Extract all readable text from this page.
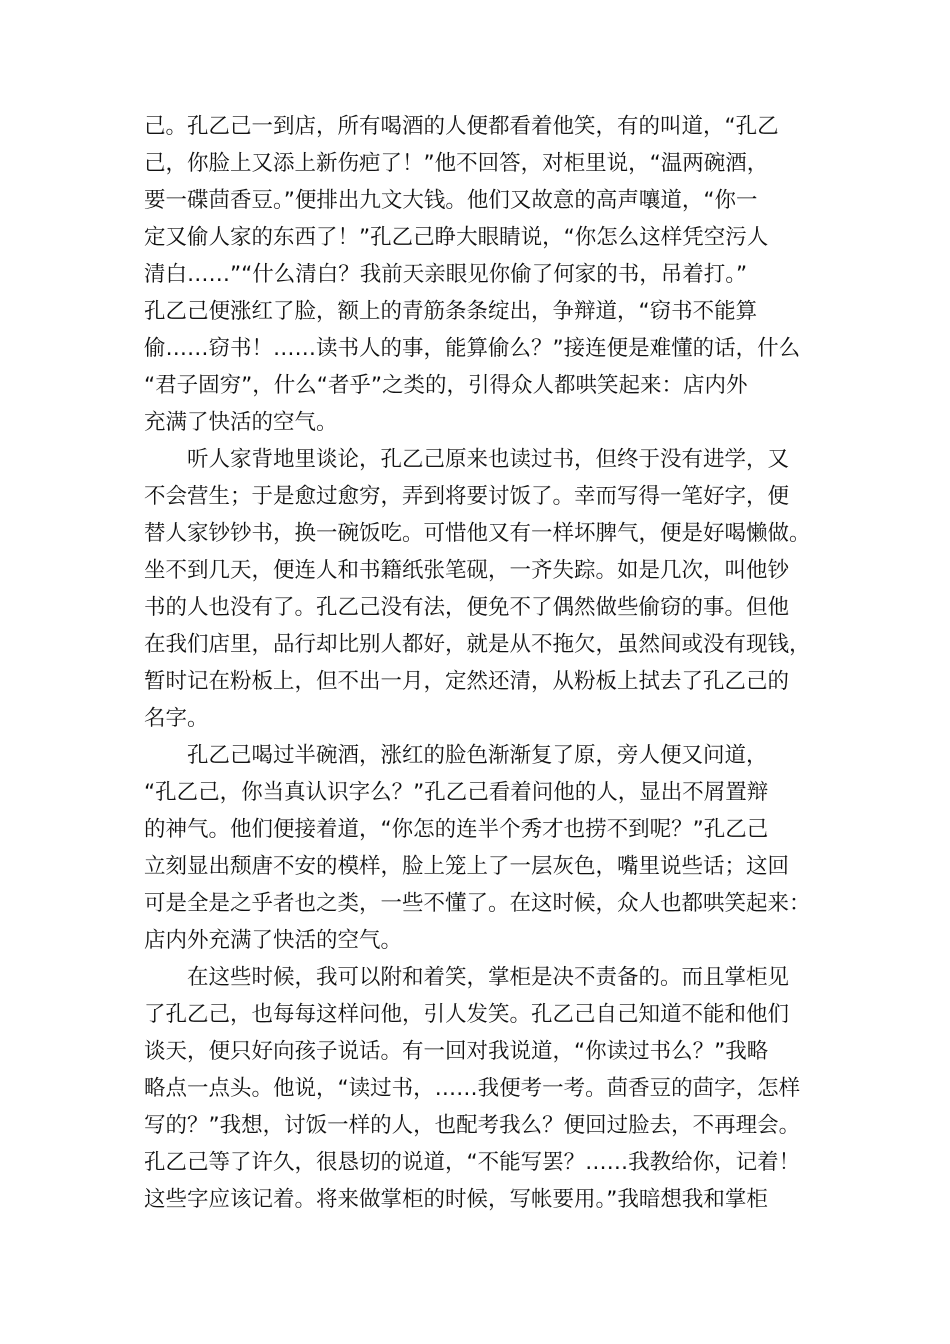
己。孔乙己一到店，所有喝酒的人便都看着他笑，有的叫道，“孔乙
己，你脸上又添上新伤疤了！”他不回答，对柜里说，“温两碗酒，
要一碟茴香豆。”便排出九文大钱。他们又故意的高声嚷道，“你一
定又偷人家的东西了！”孔乙己睁大眼睛说，“你怎么这样凭空污人
清白……”“什么清白？我前天亲眼见你偷了何家的书，吊着打。”
孔乙己便涨红了脸，额上的青筋条条绽出，争辩道，“窃书不能算
偷……窃书！……读书人的事，能算偷么？”接连便是难懂的话，什么
“君子固穷”，什么“者乎”之类的，引得众人都哄笑起来：店内外
充满了快活的空气。
听人家背地里谈论，孔乙己原来也读过书，但终于没有进学，又
不会营生；于是愈过愈穷，弄到将要讨饭了。幸而写得一笔好字，便
替人家钞钞书，换一碗饭吃。可惜他又有一样坏脾气，便是好喝懒做。
坐不到几天，便连人和书籍纸张笔砚，一齐失踪。如是几次，叫他钞
书的人也没有了。孔乙己没有法，便免不了偶然做些偷窃的事。但他
在我们店里，品行却比别人都好，就是从不拖欠，虽然间或没有现钱，
暂时记在粉板上，但不出一月，定然还清，从粉板上拭去了孔乙己的
名字。
孔乙己喝过半碗酒，涨红的脸色渐渐复了原，旁人便又问道，
“孔乙己，你当真认识字么？”孔乙己看着问他的人，显出不屑置辩
的神气。他们便接着道，“你怎的连半个秀才也捞不到呢？”孔乙己
立刻显出颓唐不安的模样，脸上笼上了一层灰色，嘴里说些话；这回
可是全是之乎者也之类，一些不懂了。在这时候，众人也都哄笑起来：
店内外充满了快活的空气。
在这些时候，我可以附和着笑，掌柜是决不责备的。而且掌柜见
了孔乙己，也每每这样问他，引人发笑。孔乙己自己知道不能和他们
谈天，便只好向孩子说话。有一回对我说道，“你读过书么？”我略
略点一点头。他说，“读过书，……我便考一考。茴香豆的茴字，怎样
写的？”我想，讨饭一样的人，也配考我么？便回过脸去，不再理会。
孔乙己等了许久，很恳切的说道，“不能写罢？……我教给你，记着！
这些字应该记着。将来做掌柜的时候，写帐要用。”我暗想我和掌柜
